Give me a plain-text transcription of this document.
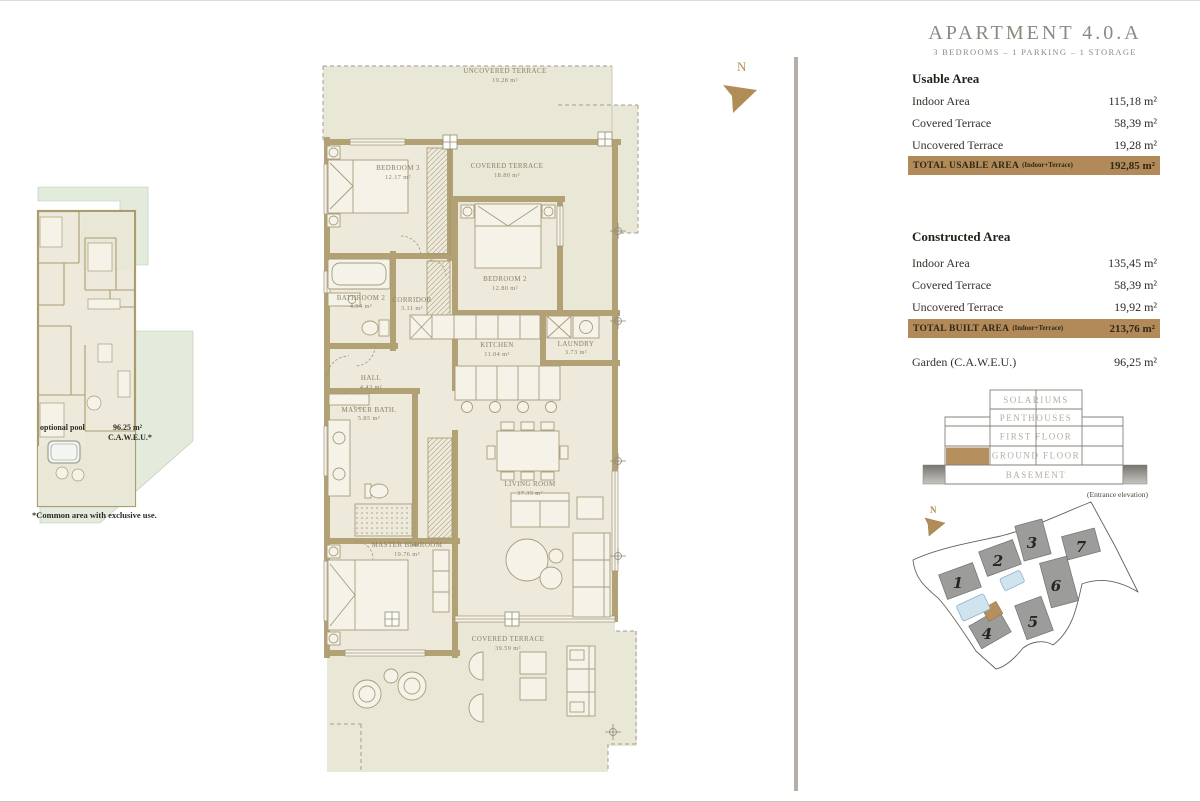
UNCOVERED TERRACE
19.28 m²
BEDROOM 3
12.17 m²
COVERED TERRACE
18.80 m²
BEDROOM 2
12.80 m²
BATHROOM 2
4.94 m²
CORRIDOR
3.11 m²
KITCHEN
11.04 m²
LAUNDRY
3.73 m²
HALL
4.43 m²
MASTER BATH.
5.85 m²
LIVING ROOM
37.35 m²
MASTER BEDROOM
19.76 m²
COVERED TERRACE
39.59 m²
N
optional pool	96.25 m²
C.A.W.E.U.*
*Common area with exclusive use.
APARTMENT 4.0.A
3 BEDROOMS – 1 PARKING – 1 STORAGE
Usable Area
Indoor Area	115,18 m²
Covered Terrace	58,39 m²
Uncovered Terrace	19,28 m²
TOTAL USABLE AREA (Indoor+Terrace)	192,85 m²
Constructed Area
Indoor Area	135,45 m²
Covered Terrace	58,39 m²
Uncovered Terrace	19,92 m²
TOTAL BUILT AREA (Indoor+Terrace)	213,76 m²
Garden (C.A.W.E.U.)	96,25 m²
SOLARIUMS
PENTHOUSES
FIRST FLOOR
GROUND FLOOR
BASEMENT
(Entrance elevation)
1
2
3
4
5
6
7
N
